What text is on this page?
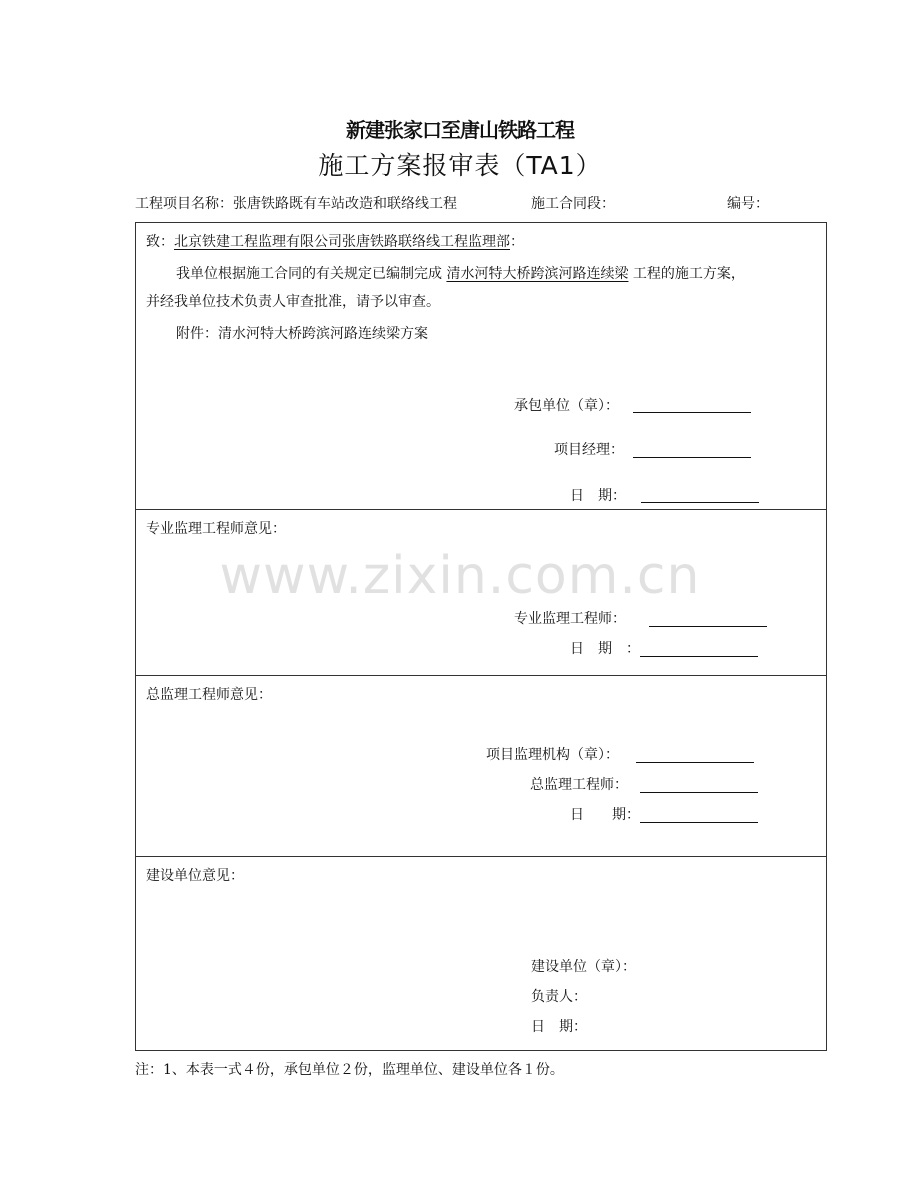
新建张家口至唐山铁路工程
施工方案报审表（TA1）
工程项目名称：张唐铁路既有车站改造和联络线工程	施工合同段：	编号：
致：北京铁建工程监理有限公司张唐铁路联络线工程监理部：
我单位根据施工合同的有关规定已编制完成 清水河特大桥跨滨河路连续梁 工程的施工方案，
并经我单位技术负责人审查批准，请予以审查。
附件：清水河特大桥跨滨河路连续梁方案
承包单位（章）：
项目经理：
日　期：
专业监理工程师意见：
专业监理工程师：
日　期　：
总监理工程师意见：
项目监理机构（章）：
总监理工程师：
日　　期：
建设单位意见：
建设单位（章）：
负责人：
日　期：
注：1、本表一式４份，承包单位２份，监理单位、建设单位各１份。
www.zixin.com.cn
